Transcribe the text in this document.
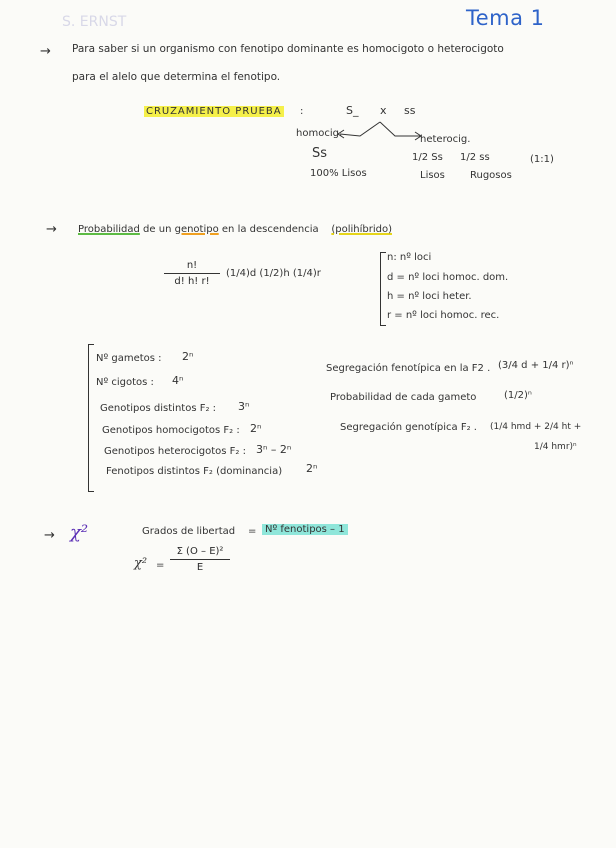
S. ERNST	Tema 1
→ Para saber si un organismo con fenotipo dominante es homocigoto o heterocigoto
para el alelo que determina el fenotipo.
CRUZAMIENTO PRUEBA :	S_ x ss
homocig.
heterocig.
Ss
100% Lisos
1/2 Ss 1/2 ss
Lisos	Rugosos
(1:1)
→ Probabilidad de un genotipo en la descendencia (polihíbrido)
n!
d! h! r!
(1/4)d (1/2)h (1/4)r
n: nº loci
d = nº loci homoc. dom.
h = nº loci heter.
r = nº loci homoc. rec.
Nº gametos : 2ⁿ
Nº cigotos : 4ⁿ
Genotipos distintos F₂ : 3ⁿ
Genotipos homocigotos F₂ : 2ⁿ
Genotipos heterocigotos F₂ : 3ⁿ – 2ⁿ
Fenotipos distintos F₂ (dominancia) 2ⁿ
Segregación fenotípica en la F2 . (3/4 d + 1/4 r)ⁿ
Probabilidad de cada gameto	(1/2)ⁿ
Segregación genotípica F₂ . (1/4 hmd + 2/4 ht +
1/4 hmr)ⁿ
→ χ²	Grados de libertad = Nº fenotipos – 1
χ² =
Σ (O – E)²
E
